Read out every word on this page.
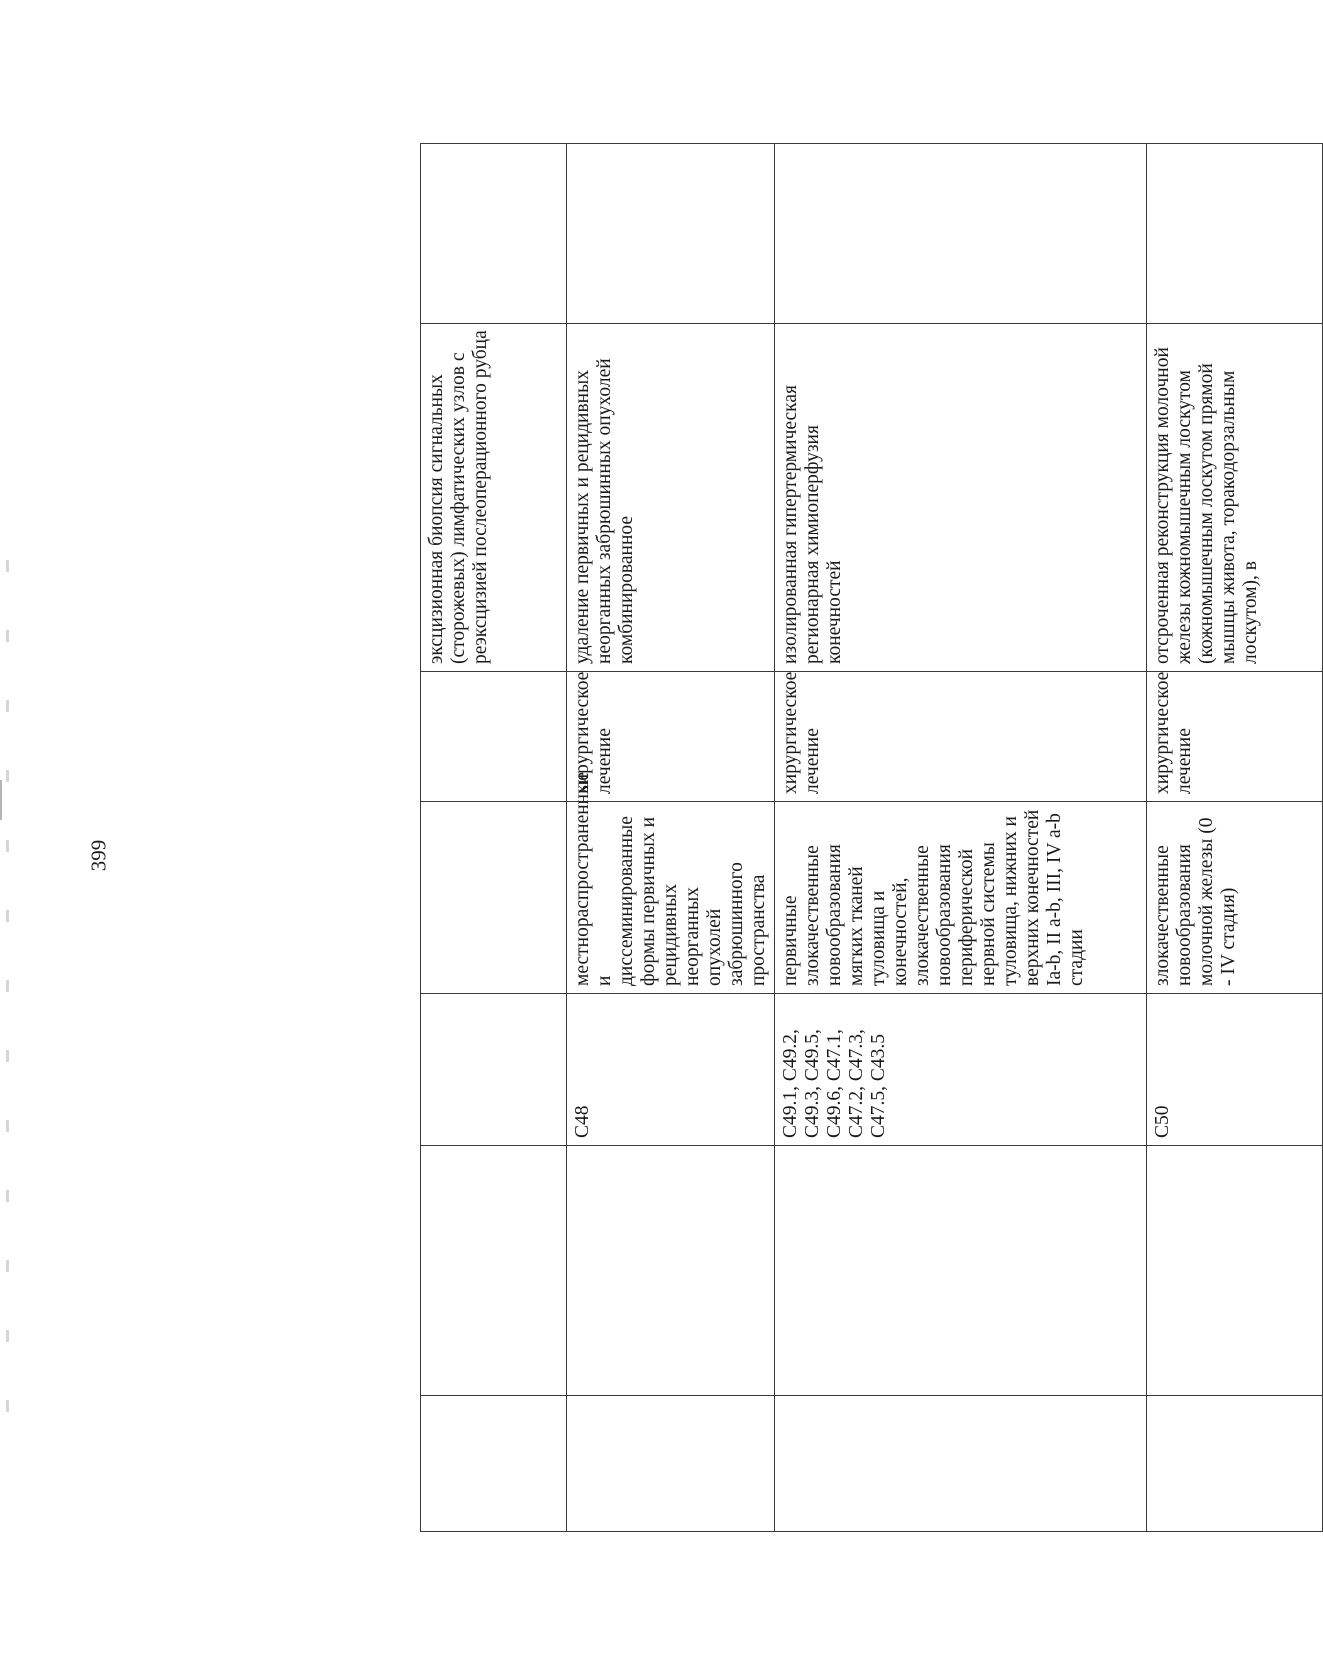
399

					эксцизионная биопсия сигнальных (сторожевых) лимфатических узлов с реэксцизией послеоперационного рубца	

		C48	местнораспространенные и диссеминированные формы первичных и рецидивных неорганных опухолей забрюшинного пространства	хирургическое лечение	удаление первичных и рецидивных неорганных забрюшинных опухолей комбинированное	

		C49.1, C49.2, C49.3, C49.5, C49.6, C47.1, C47.2, C47.3, C47.5, C43.5	первичные злокачественные новообразования мягких тканей туловища и конечностей, злокачественные новообразования периферической нервной системы туловища, нижних и верхних конечностей Ia-b, II a-b, III, IV a-b стадии	хирургическое лечение	изолированная гипертермическая регионарная химиоперфузия конечностей	

		C50	злокачественные новообразования молочной железы (0 - IV стадия)	хирургическое лечение	отсроченная реконструкция молочной железы кожномышечным лоскутом (кожномышечным лоскутом прямой мышцы живота, торакодорзальным лоскутом), в	
